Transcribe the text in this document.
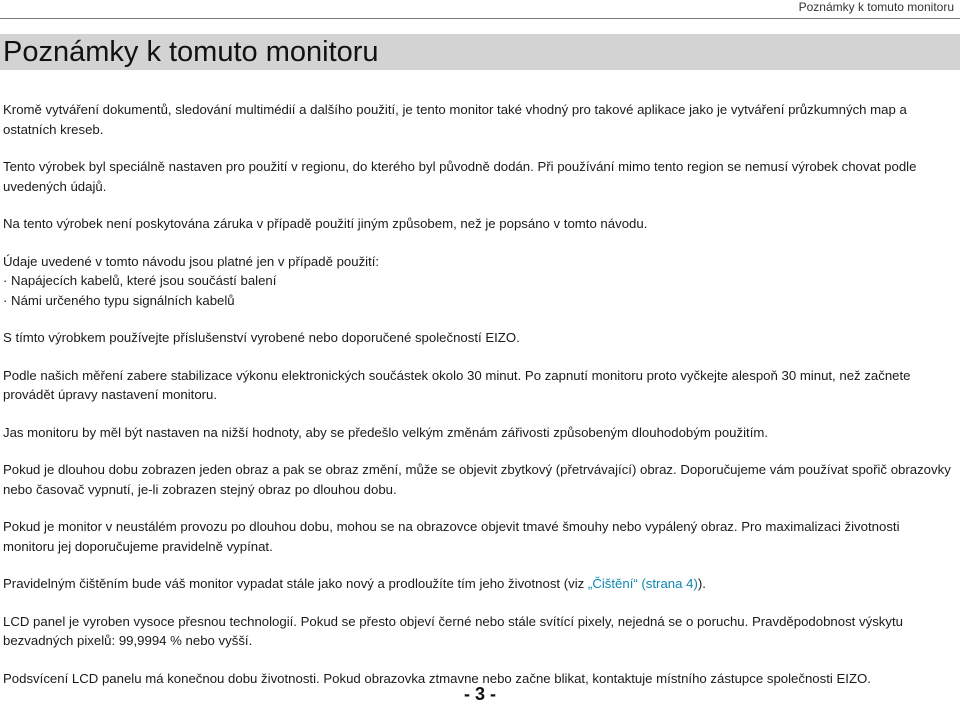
Poznámky k tomuto monitoru
Poznámky k tomuto monitoru

Kromě vytváření dokumentů, sledování multimédií a dalšího použití, je tento monitor také vhodný pro takové aplikace jako je vytváření průzkumných map a ostatních kreseb.

Tento výrobek byl speciálně nastaven pro použití v regionu, do kterého byl původně dodán. Při používání mimo tento region se nemusí výrobek chovat podle uvedených údajů.

Na tento výrobek není poskytována záruka v případě použití jiným způsobem, než je popsáno v tomto návodu.

Údaje uvedené v tomto návodu jsou platné jen v případě použití:

· Napájecích kabelů, které jsou součástí balení

· Námi určeného typu signálních kabelů

S tímto výrobkem používejte příslušenství vyrobené nebo doporučené společností EIZO.

Podle našich měření zabere stabilizace výkonu elektronických součástek okolo 30 minut. Po zapnutí monitoru proto vyčkejte alespoň 30 minut, než začnete provádět úpravy nastavení monitoru.

Jas monitoru by měl být nastaven na nižší hodnoty, aby se předešlo velkým změnám zářivosti způsobeným dlouhodobým použitím.

Pokud je dlouhou dobu zobrazen jeden obraz a pak se obraz změní, může se objevit zbytkový (přetrvávající) obraz. Doporučujeme vám používat spořič obrazovky nebo časovač vypnutí, je-li zobrazen stejný obraz po dlouhou dobu.

Pokud je monitor v neustálém provozu po dlouhou dobu, mohou se na obrazovce objevit tmavé šmouhy nebo vypálený obraz. Pro maximalizaci životnosti monitoru jej doporučujeme pravidelně vypínat.

Pravidelným čištěním bude váš monitor vypadat stále jako nový a prodloužíte tím jeho životnost (viz „Čištění“ (strana 4)).

LCD panel je vyroben vysoce přesnou technologií. Pokud se přesto objeví černé nebo stále svítící pixely, nejedná se o poruchu. Pravděpodobnost výskytu bezvadných pixelů: 99,9994 % nebo vyšší.

Podsvícení LCD panelu má konečnou dobu životnosti. Pokud obrazovka ztmavne nebo začne blikat, kontaktuje místního zástupce společnosti EIZO.

- 3 -
